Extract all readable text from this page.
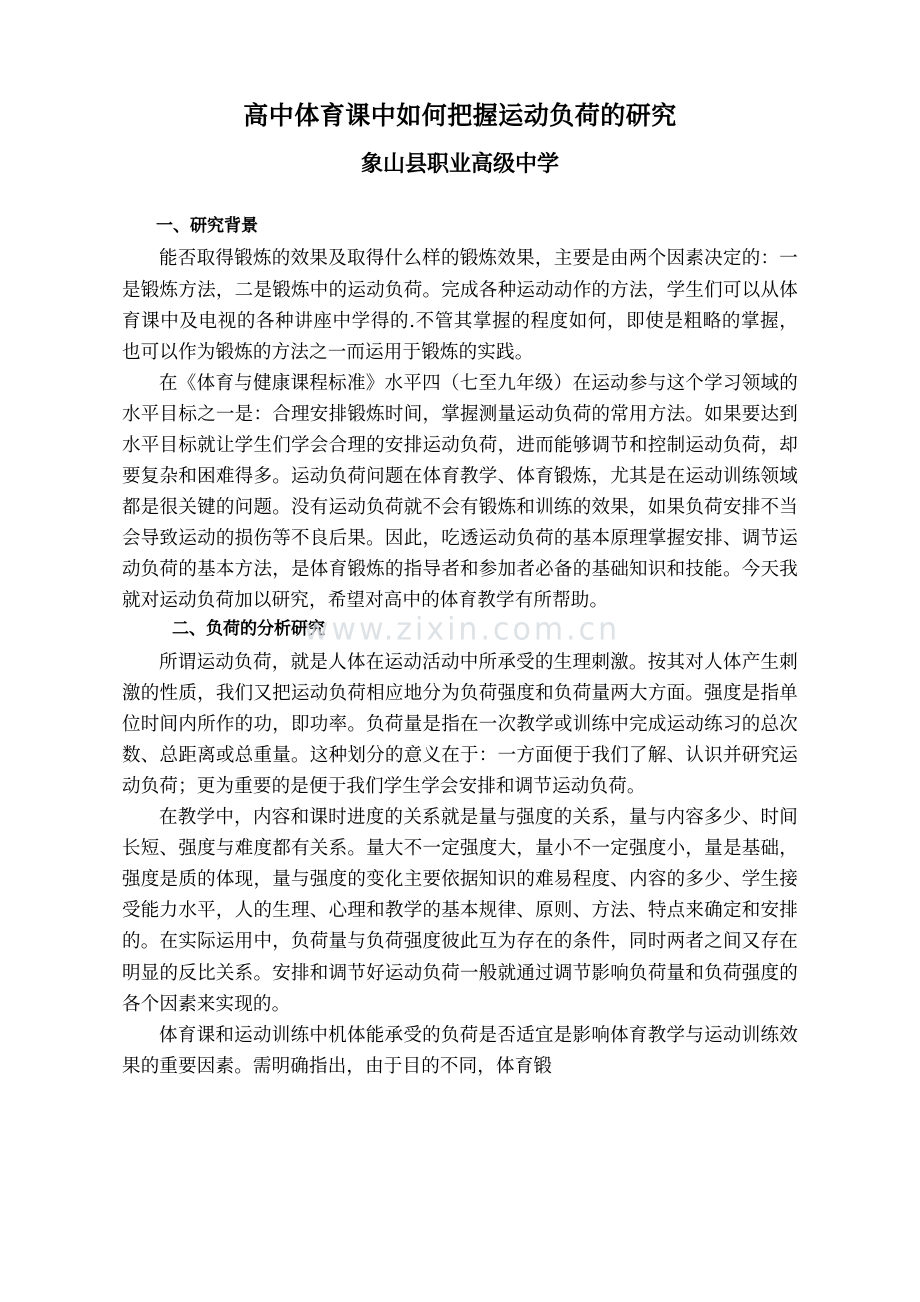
高中体育课中如何把握运动负荷的研究
象山县职业高级中学
一、研究背景

能否取得锻炼的效果及取得什么样的锻炼效果，主要是由两个因素决定的：一是锻炼方法，二是锻炼中的运动负荷。完成各种运动动作的方法，学生们可以从体育课中及电视的各种讲座中学得的.不管其掌握的程度如何，即使是粗略的掌握，也可以作为锻炼的方法之一而运用于锻炼的实践。

在《体育与健康课程标准》水平四（七至九年级）在运动参与这个学习领域的水平目标之一是：合理安排锻炼时间，掌握测量运动负荷的常用方法。如果要达到水平目标就让学生们学会合理的安排运动负荷，进而能够调节和控制运动负荷，却要复杂和困难得多。运动负荷问题在体育教学、体育锻炼，尤其是在运动训练领域都是很关键的问题。没有运动负荷就不会有锻炼和训练的效果，如果负荷安排不当会导致运动的损伤等不良后果。因此，吃透运动负荷的基本原理掌握安排、调节运动负荷的基本方法，是体育锻炼的指导者和参加者必备的基础知识和技能。今天我就对运动负荷加以研究，希望对高中的体育教学有所帮助。

二、负荷的分析研究

所谓运动负荷，就是人体在运动活动中所承受的生理刺激。按其对人体产生刺激的性质，我们又把运动负荷相应地分为负荷强度和负荷量两大方面。强度是指单位时间内所作的功，即功率。负荷量是指在一次教学或训练中完成运动练习的总次数、总距离或总重量。这种划分的意义在于：一方面便于我们了解、认识并研究运动负荷；更为重要的是便于我们学生学会安排和调节运动负荷。

在教学中，内容和课时进度的关系就是量与强度的关系，量与内容多少、时间长短、强度与难度都有关系。量大不一定强度大，量小不一定强度小，量是基础，强度是质的体现，量与强度的变化主要依据知识的难易程度、内容的多少、学生接受能力水平，人的生理、心理和教学的基本规律、原则、方法、特点来确定和安排的。在实际运用中，负荷量与负荷强度彼此互为存在的条件，同时两者之间又存在明显的反比关系。安排和调节好运动负荷一般就通过调节影响负荷量和负荷强度的各个因素来实现的。

体育课和运动训练中机体能承受的负荷是否适宜是影响体育教学与运动训练效果的重要因素。需明确指出，由于目的不同，体育锻

www.zixin.com.cn
